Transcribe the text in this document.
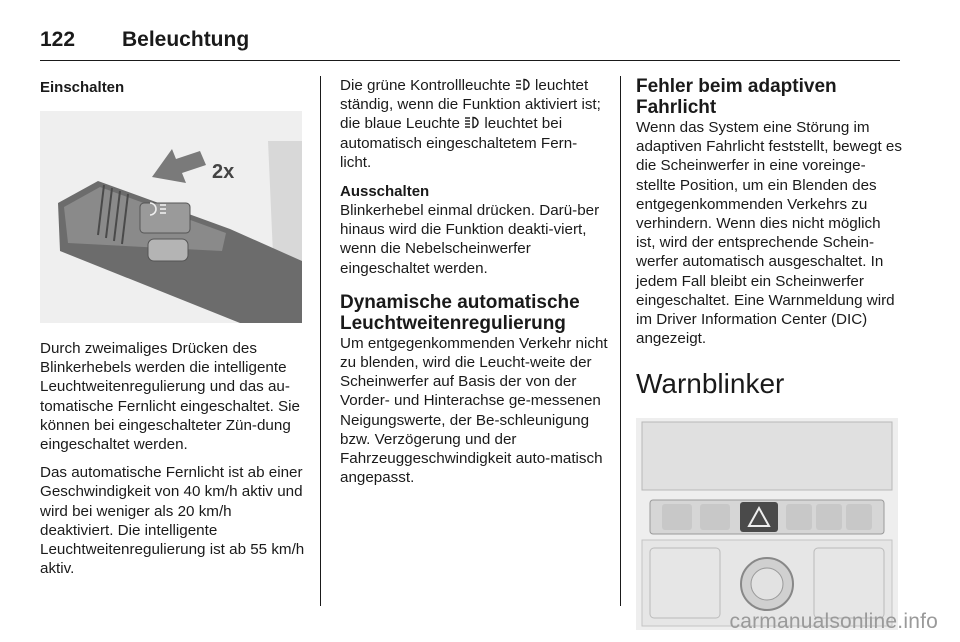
122	Beleuchtung
Einschalten
2x

Durch zweimaliges Drücken des Blinkerhebels werden die intelligente Leuchtweitenregulierung und das au-tomatische Fernlicht eingeschaltet. Sie können bei eingeschalteter Zün-dung eingeschaltet werden.

Das automatische Fernlicht ist ab einer Geschwindigkeit von 40 km/h aktiv und wird bei weniger als 20 km/h deaktiviert. Die intelligente Leuchtweitenregulierung ist ab 55 km/h aktiv.

Die grüne Kontrollleuchte leuchtet ständig, wenn die Funktion aktiviert ist; die blaue Leuchte leuchtet bei automatisch eingeschaltetem Fern-licht.

Ausschalten

Blinkerhebel einmal drücken. Darü-ber hinaus wird die Funktion deakti-viert, wenn die Nebelscheinwerfer eingeschaltet werden.

Dynamische automatische Leuchtweitenregulierung

Um entgegenkommenden Verkehr nicht zu blenden, wird die Leucht-weite der Scheinwerfer auf Basis der von der Vorder- und Hinterachse ge-messenen Neigungswerte, der Be-schleunigung bzw. Verzögerung und der Fahrzeuggeschwindigkeit auto-matisch angepasst.

Fehler beim adaptiven Fahrlicht

Wenn das System eine Störung im adaptiven Fahrlicht feststellt, bewegt es die Scheinwerfer in eine voreinge-stellte Position, um ein Blenden des entgegenkommenden Verkehrs zu verhindern. Wenn dies nicht möglich ist, wird der entsprechende Schein-werfer automatisch ausgeschaltet. In jedem Fall bleibt ein Scheinwerfer eingeschaltet. Eine Warnmeldung wird im Driver Information Center (DIC) angezeigt.

Warnblinker
carmanualsonline.info
